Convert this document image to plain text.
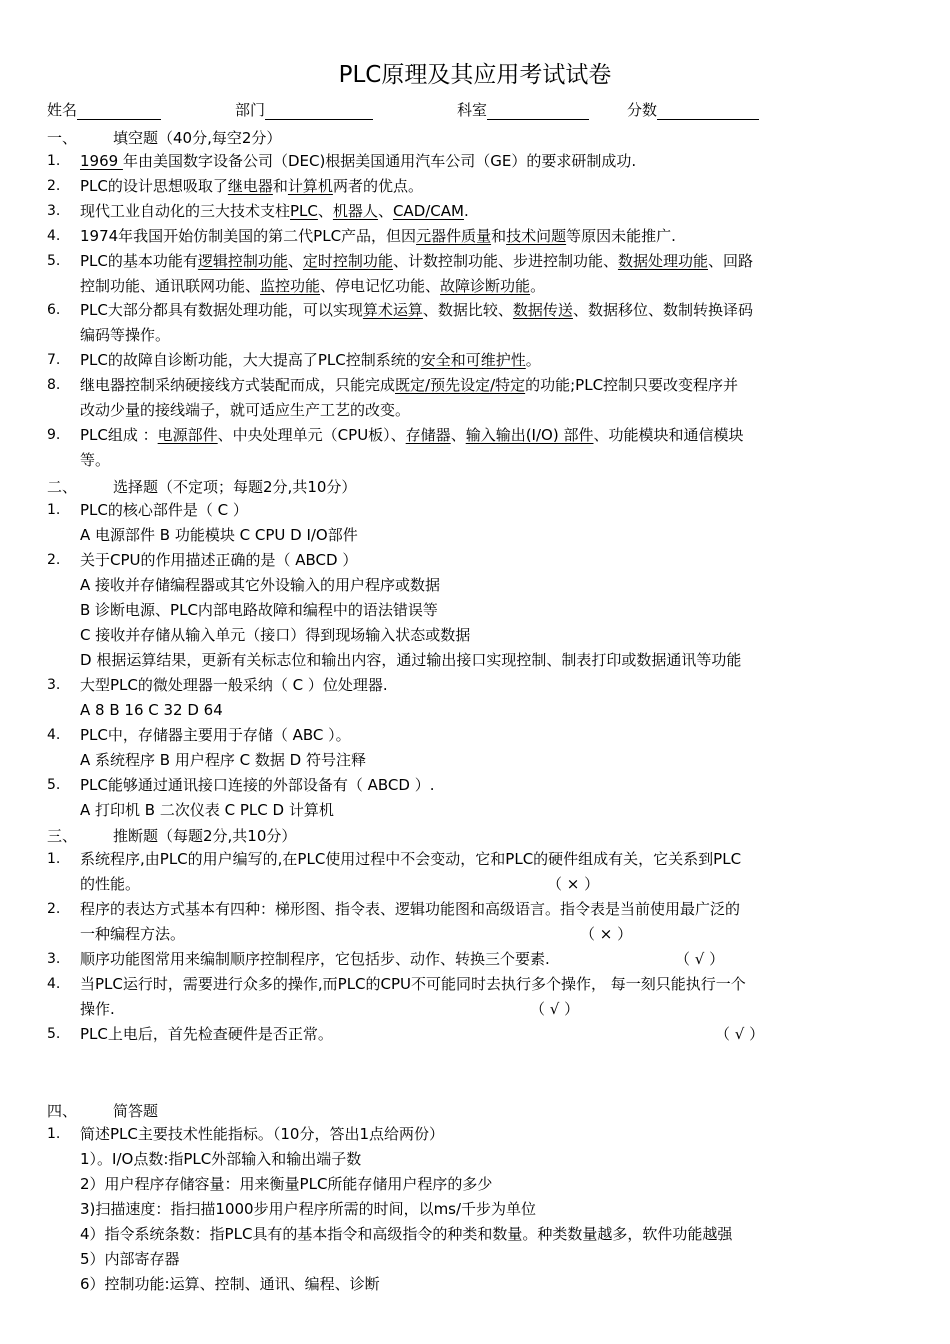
PLC原理及其应用考试试卷
姓名	部门	科室	分数
一、 填空题（40分,每空2分）
1. 1969 年由美国数字设备公司（DEC)根据美国通用汽车公司（GE）的要求研制成功.
2. PLC的设计思想吸取了继电器和计算机两者的优点。
3. 现代工业自动化的三大技术支柱PLC、机器人、CAD/CAM.
4. 1974年我国开始仿制美国的第二代PLC产品，但因元器件质量和技术问题等原因未能推广.
5. PLC的基本功能有逻辑控制功能、定时控制功能、计数控制功能、步进控制功能、数据处理功能、回路
控制功能、通讯联网功能、监控功能、停电记忆功能、故障诊断功能。
6. PLC大部分都具有数据处理功能，可以实现算术运算、数据比较、数据传送、数据移位、数制转换译码
编码等操作。
7. PLC的故障自诊断功能，大大提高了PLC控制系统的安全和可维护性。
8. 继电器控制采纳硬接线方式装配而成，只能完成既定/预先设定/特定的功能;PLC控制只要改变程序并
改动少量的接线端子，就可适应生产工艺的改变。
9. PLC组成 ：电源部件、中央处理单元（CPU板）、存储器、输入输出(I/O) 部件、功能模块和通信模块
等。
二、 选择题（不定项；每题2分,共10分）
1. PLC的核心部件是（ C ）
A 电源部件 B 功能模块 C CPU D I/O部件
2. 关于CPU的作用描述正确的是（ ABCD ）
A 接收并存储编程器或其它外设输入的用户程序或数据
B 诊断电源、PLC内部电路故障和编程中的语法错误等
C 接收并存储从输入单元（接口）得到现场输入状态或数据
D 根据运算结果，更新有关标志位和输出内容，通过输出接口实现控制、制表打印或数据通讯等功能
3. 大型PLC的微处理器一般采纳（ C ）位处理器.
A 8 B 16 C 32 D 64
4. PLC中，存储器主要用于存储（ ABC ）。
A 系统程序 B 用户程序 C 数据 D 符号注释
5. PLC能够通过通讯接口连接的外部设备有（ ABCD ）.
A 打印机 B 二次仪表 C PLC D 计算机
三、 推断题（每题2分,共10分）
1. 系统程序,由PLC的用户编写的,在PLC使用过程中不会变动，它和PLC的硬件组成有关，它关系到PLC
的性能。	（ × ）
2. 程序的表达方式基本有四种：梯形图、指令表、逻辑功能图和高级语言。指令表是当前使用最广泛的
一种编程方法。	（ × ）
3. 顺序功能图常用来编制顺序控制程序，它包括步、动作、转换三个要素.	（ √ ）
4. 当PLC运行时，需要进行众多的操作,而PLC的CPU不可能同时去执行多个操作， 每一刻只能执行一个
操作.	（ √ ）
5. PLC上电后，首先检查硬件是否正常。	（ √ ）
四、 简答题
1. 简述PLC主要技术性能指标。（10分，答出1点给两份）
1）。I/O点数:指PLC外部输入和输出端子数
2）用户程序存储容量：用来衡量PLC所能存储用户程序的多少
3)扫描速度：指扫描1000步用户程序所需的时间，以ms/千步为单位
4）指令系统条数：指PLC具有的基本指令和高级指令的种类和数量。种类数量越多，软件功能越强
5）内部寄存器
6）控制功能:运算、控制、通讯、编程、诊断
